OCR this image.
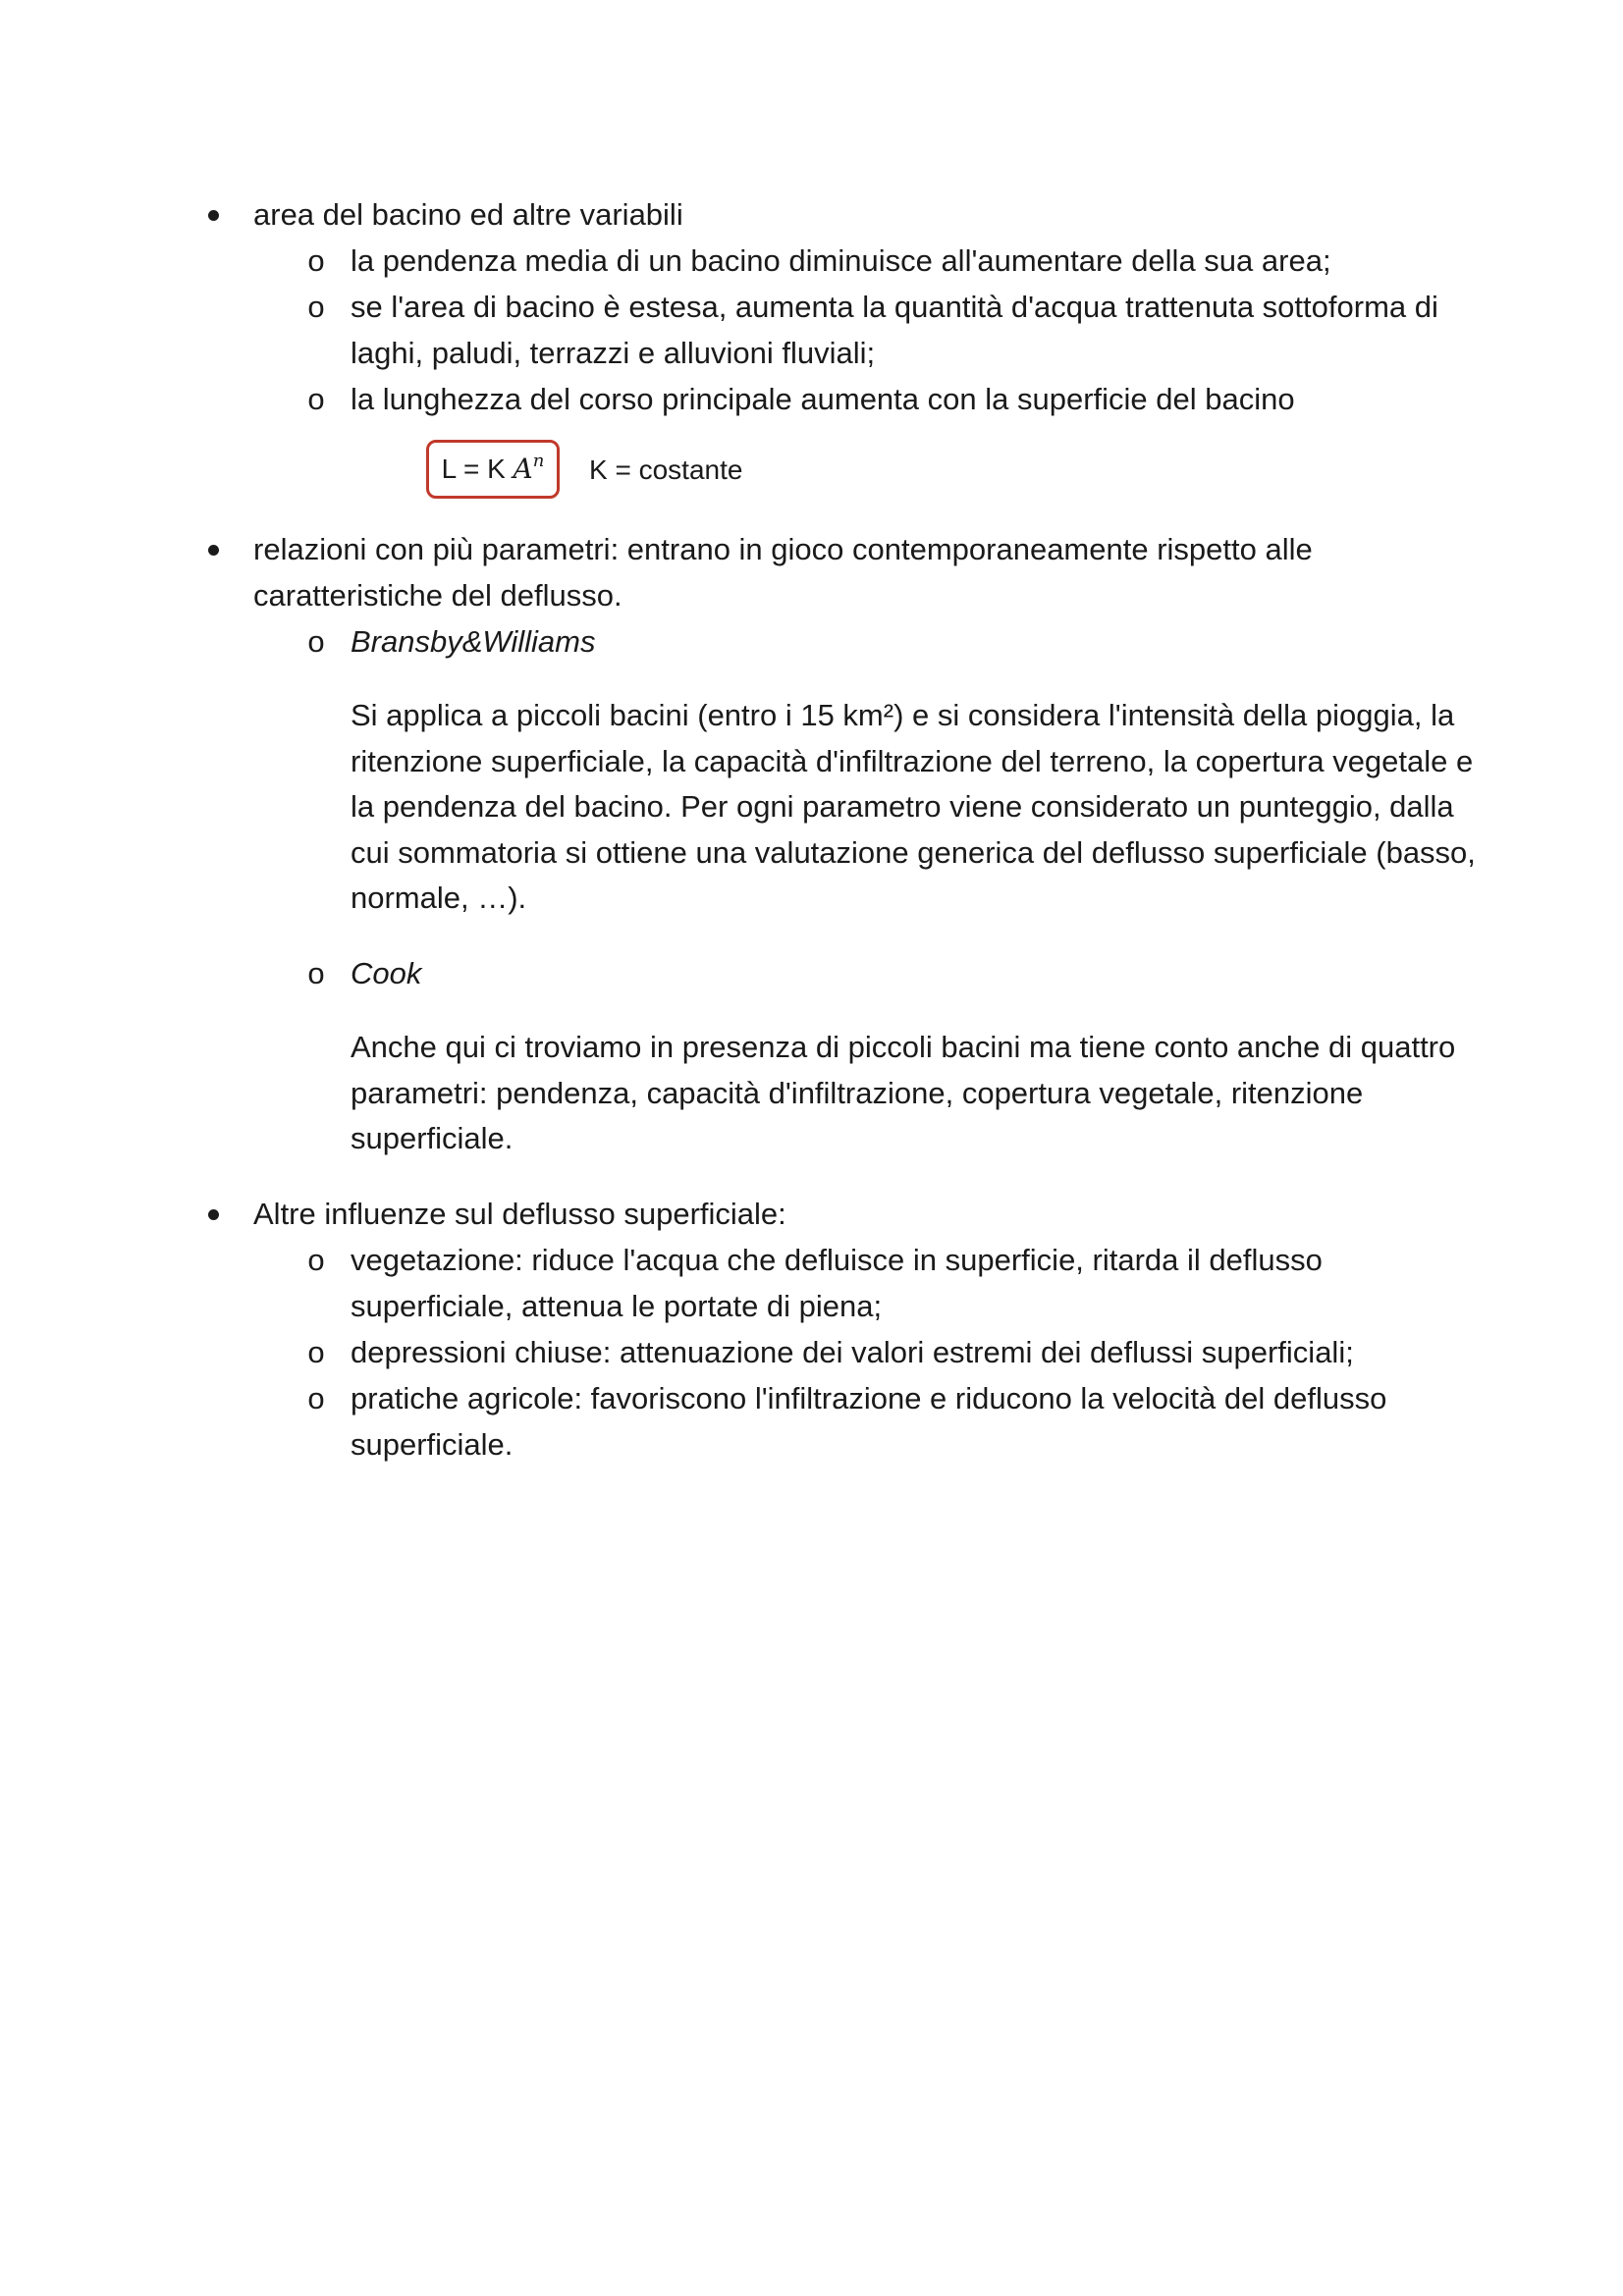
area del bacino ed altre variabili
o la pendenza media di un bacino diminuisce all'aumentare della sua area;
o se l'area di bacino è estesa, aumenta la quantità d'acqua trattenuta sottoforma di
laghi, paludi, terrazzi e alluvioni fluviali;
o la lunghezza del corso principale aumenta con la superficie del bacino
L = K $A^n$	K = costante
relazioni con più parametri: entrano in gioco contemporaneamente rispetto alle
caratteristiche del deflusso.
o Bransby&Williams
Si applica a piccoli bacini (entro i 15 km²) e si considera l'intensità della pioggia, la
ritenzione superficiale, la capacità d'infiltrazione del terreno, la copertura vegetale e
la pendenza del bacino. Per ogni parametro viene considerato un punteggio, dalla
cui sommatoria si ottiene una valutazione generica del deflusso superficiale (basso,
normale, …).
o Cook
Anche qui ci troviamo in presenza di piccoli bacini ma tiene conto anche di quattro
parametri: pendenza, capacità d'infiltrazione, copertura vegetale, ritenzione
superficiale.
Altre influenze sul deflusso superficiale:
o vegetazione: riduce l'acqua che defluisce in superficie, ritarda il deflusso
superficiale, attenua le portate di piena;
o depressioni chiuse: attenuazione dei valori estremi dei deflussi superficiali;
o pratiche agricole: favoriscono l'infiltrazione e riducono la velocità del deflusso
superficiale.
